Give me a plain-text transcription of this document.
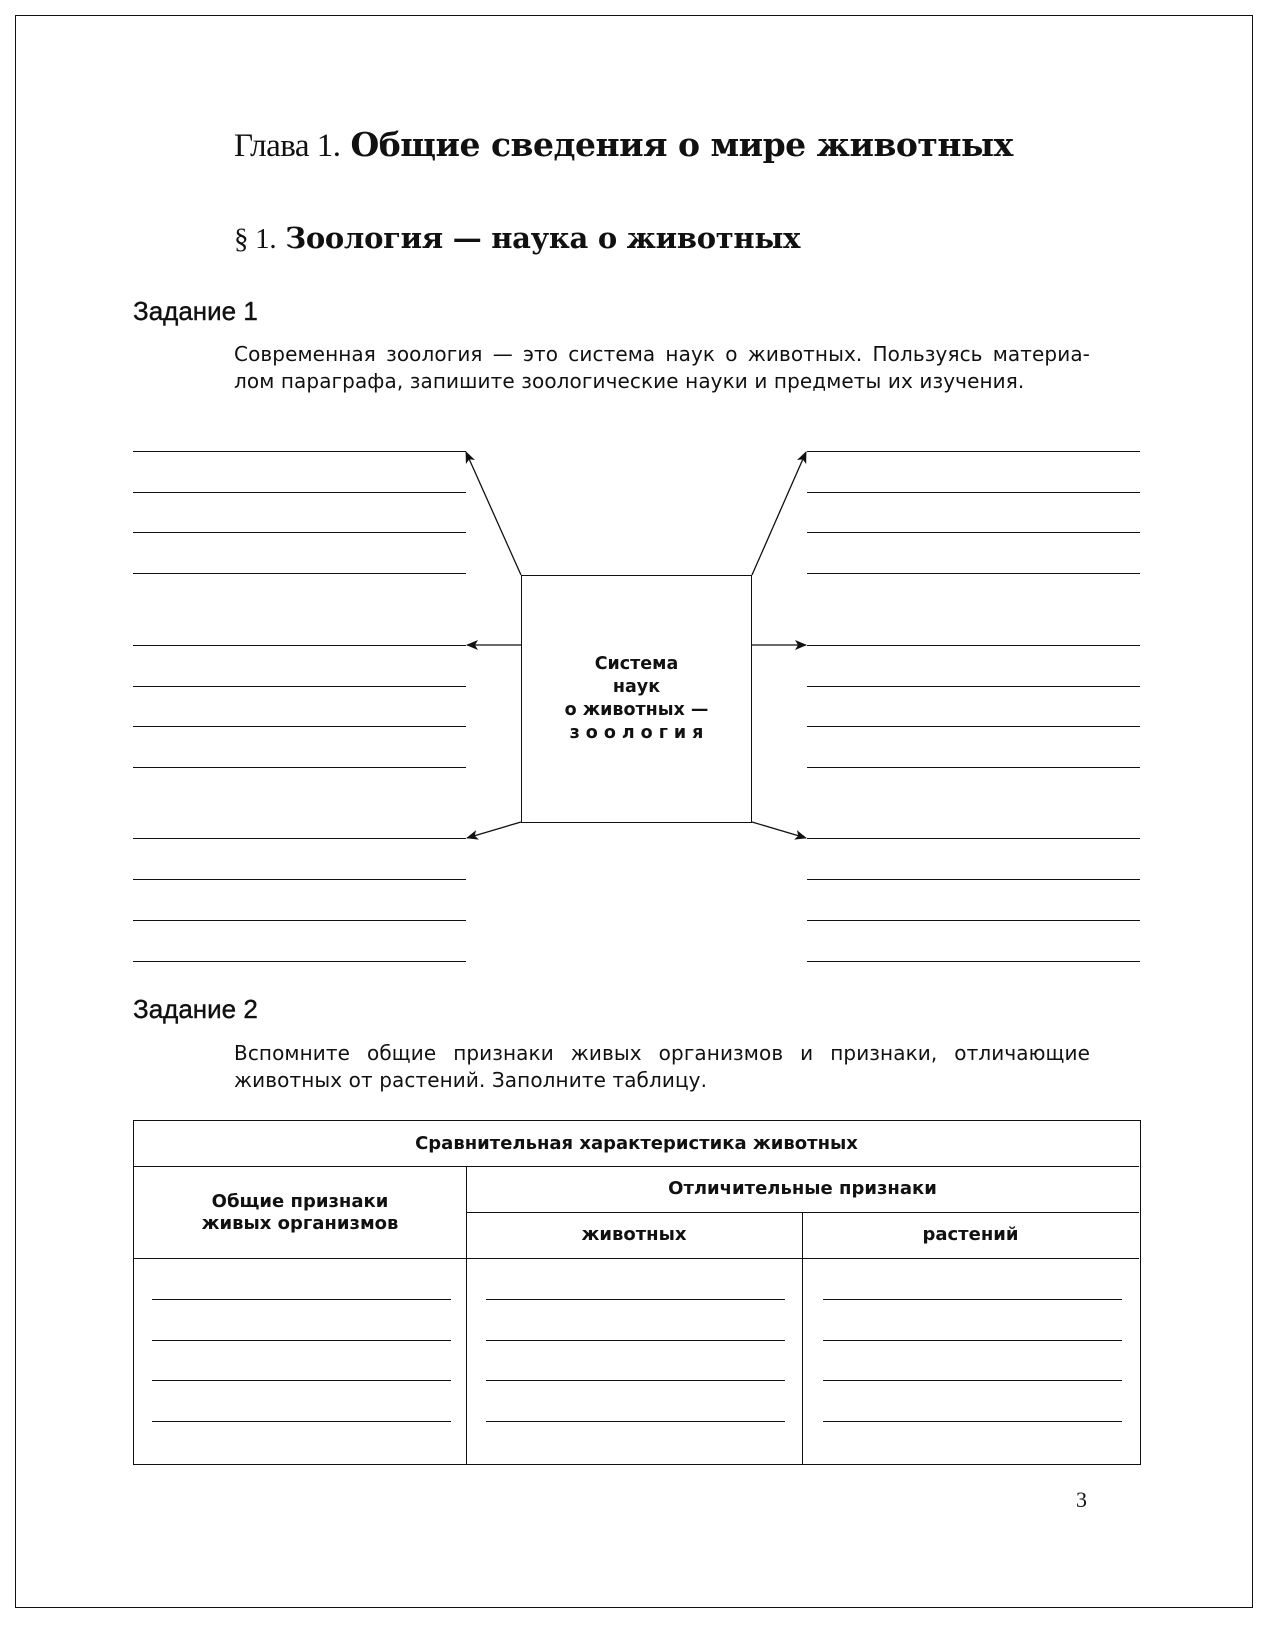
Глава 1. Общие сведения о мире животных
§ 1. Зоология — наука о животных
Задание 1
Современная зоология — это система наук о животных. Пользуясь материа-
лом параграфа, запишите зоологические науки и предметы их изучения.
Система
наук
о животных —
зоология
Задание 2
Вспомните общие признаки живых организмов и признаки, отличающие
животных от растений. Заполните таблицу.
Сравнительная характеристика животных
Общие признаки
живых организмов
Отличительные признаки
животных	растений
3
